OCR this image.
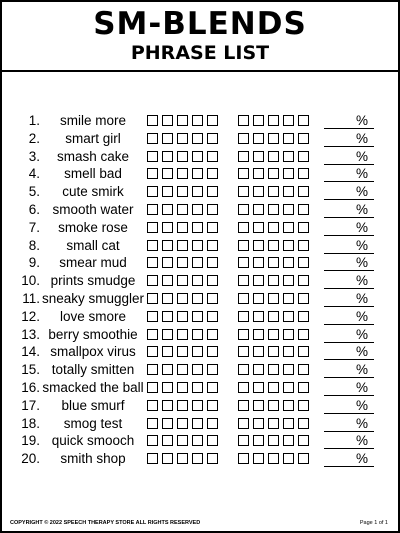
SM-BLENDS
PHRASE LIST
1.	smile more	%
2.	smart girl	%
3.	smash cake	%
4.	smell bad	%
5.	cute smirk	%
6. smooth water	%
7.	smoke rose	%
8.	small cat	%
9.	smear mud	%
10. prints smudge	%
11. sneaky smuggler	%
12.	love smore	%
13. berry smoothie	%
14. smallpox virus	%
15. totally smitten	%
16. smacked the ball	%
17.	blue smurf	%
18.	smog test	%
19. quick smooch	%
20.	smith shop	%
COPYRIGHT © 2022 SPEECH THERAPY STORE ALL RIGHTS RESERVED	Page 1 of 1
